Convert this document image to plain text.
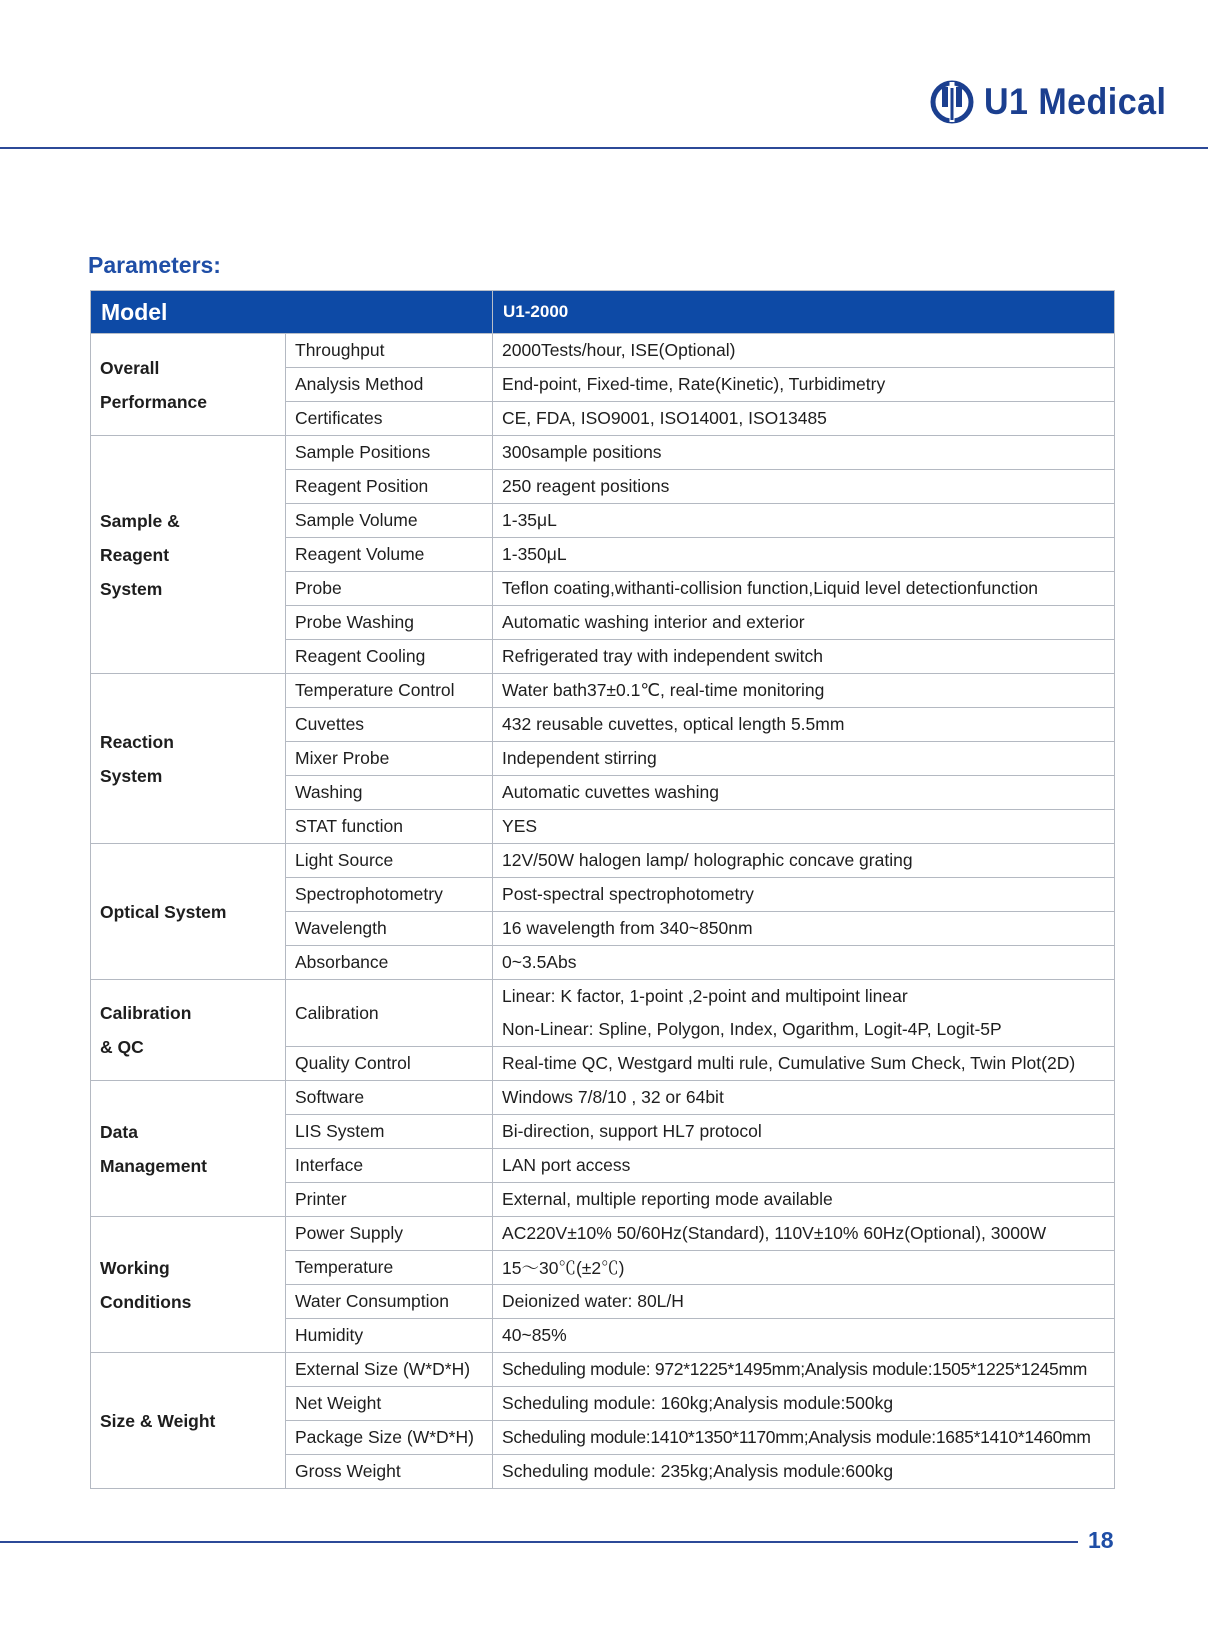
U1 Medical
Parameters:
Model		U1-2000
Overall
Performance	Throughput	2000Tests/hour, ISE(Optional)
	Analysis Method	End-point, Fixed-time, Rate(Kinetic), Turbidimetry
	Certificates	CE, FDA, ISO9001, ISO14001, ISO13485
Sample &
Reagent
System	Sample Positions	300sample positions
	Reagent Position	250 reagent positions
	Sample Volume	1-35μL
	Reagent Volume	1-350μL
	Probe	Teflon coating,withanti-collision function,Liquid level detectionfunction
	Probe Washing	Automatic washing interior and exterior
	Reagent Cooling	Refrigerated tray with independent switch
Reaction
System	Temperature Control	Water bath37±0.1℃, real-time monitoring
	Cuvettes	432 reusable cuvettes, optical length 5.5mm
	Mixer Probe	Independent stirring
	Washing	Automatic cuvettes washing
	STAT function	YES
Optical System	Light Source	12V/50W halogen lamp/ holographic concave grating
	Spectrophotometry	Post-spectral spectrophotometry
	Wavelength	16 wavelength from 340~850nm
	Absorbance	0~3.5Abs
Calibration
& QC	Calibration	Linear: K factor, 1-point ,2-point and multipoint linear
Non-Linear: Spline, Polygon, Index, Ogarithm, Logit-4P, Logit-5P
	Quality Control	Real-time QC, Westgard multi rule, Cumulative Sum Check, Twin Plot(2D)
Data
Management	Software	Windows 7/8/10 , 32 or 64bit
	LIS System	Bi-direction, support HL7 protocol
	Interface	LAN port access
	Printer	External, multiple reporting mode available
Working
Conditions	Power Supply	AC220V±10% 50/60Hz(Standard), 110V±10% 60Hz(Optional), 3000W
	Temperature	15～30℃(±2℃)
	Water Consumption	Deionized water: 80L/H
	Humidity	40~85%
Size & Weight	External Size (W*D*H)	Scheduling module: 972*1225*1495mm;Analysis module:1505*1225*1245mm
	Net Weight	Scheduling module: 160kg;Analysis module:500kg
	Package Size (W*D*H)	Scheduling module:1410*1350*1170mm;Analysis module:1685*1410*1460mm
	Gross Weight	Scheduling module: 235kg;Analysis module:600kg
18
